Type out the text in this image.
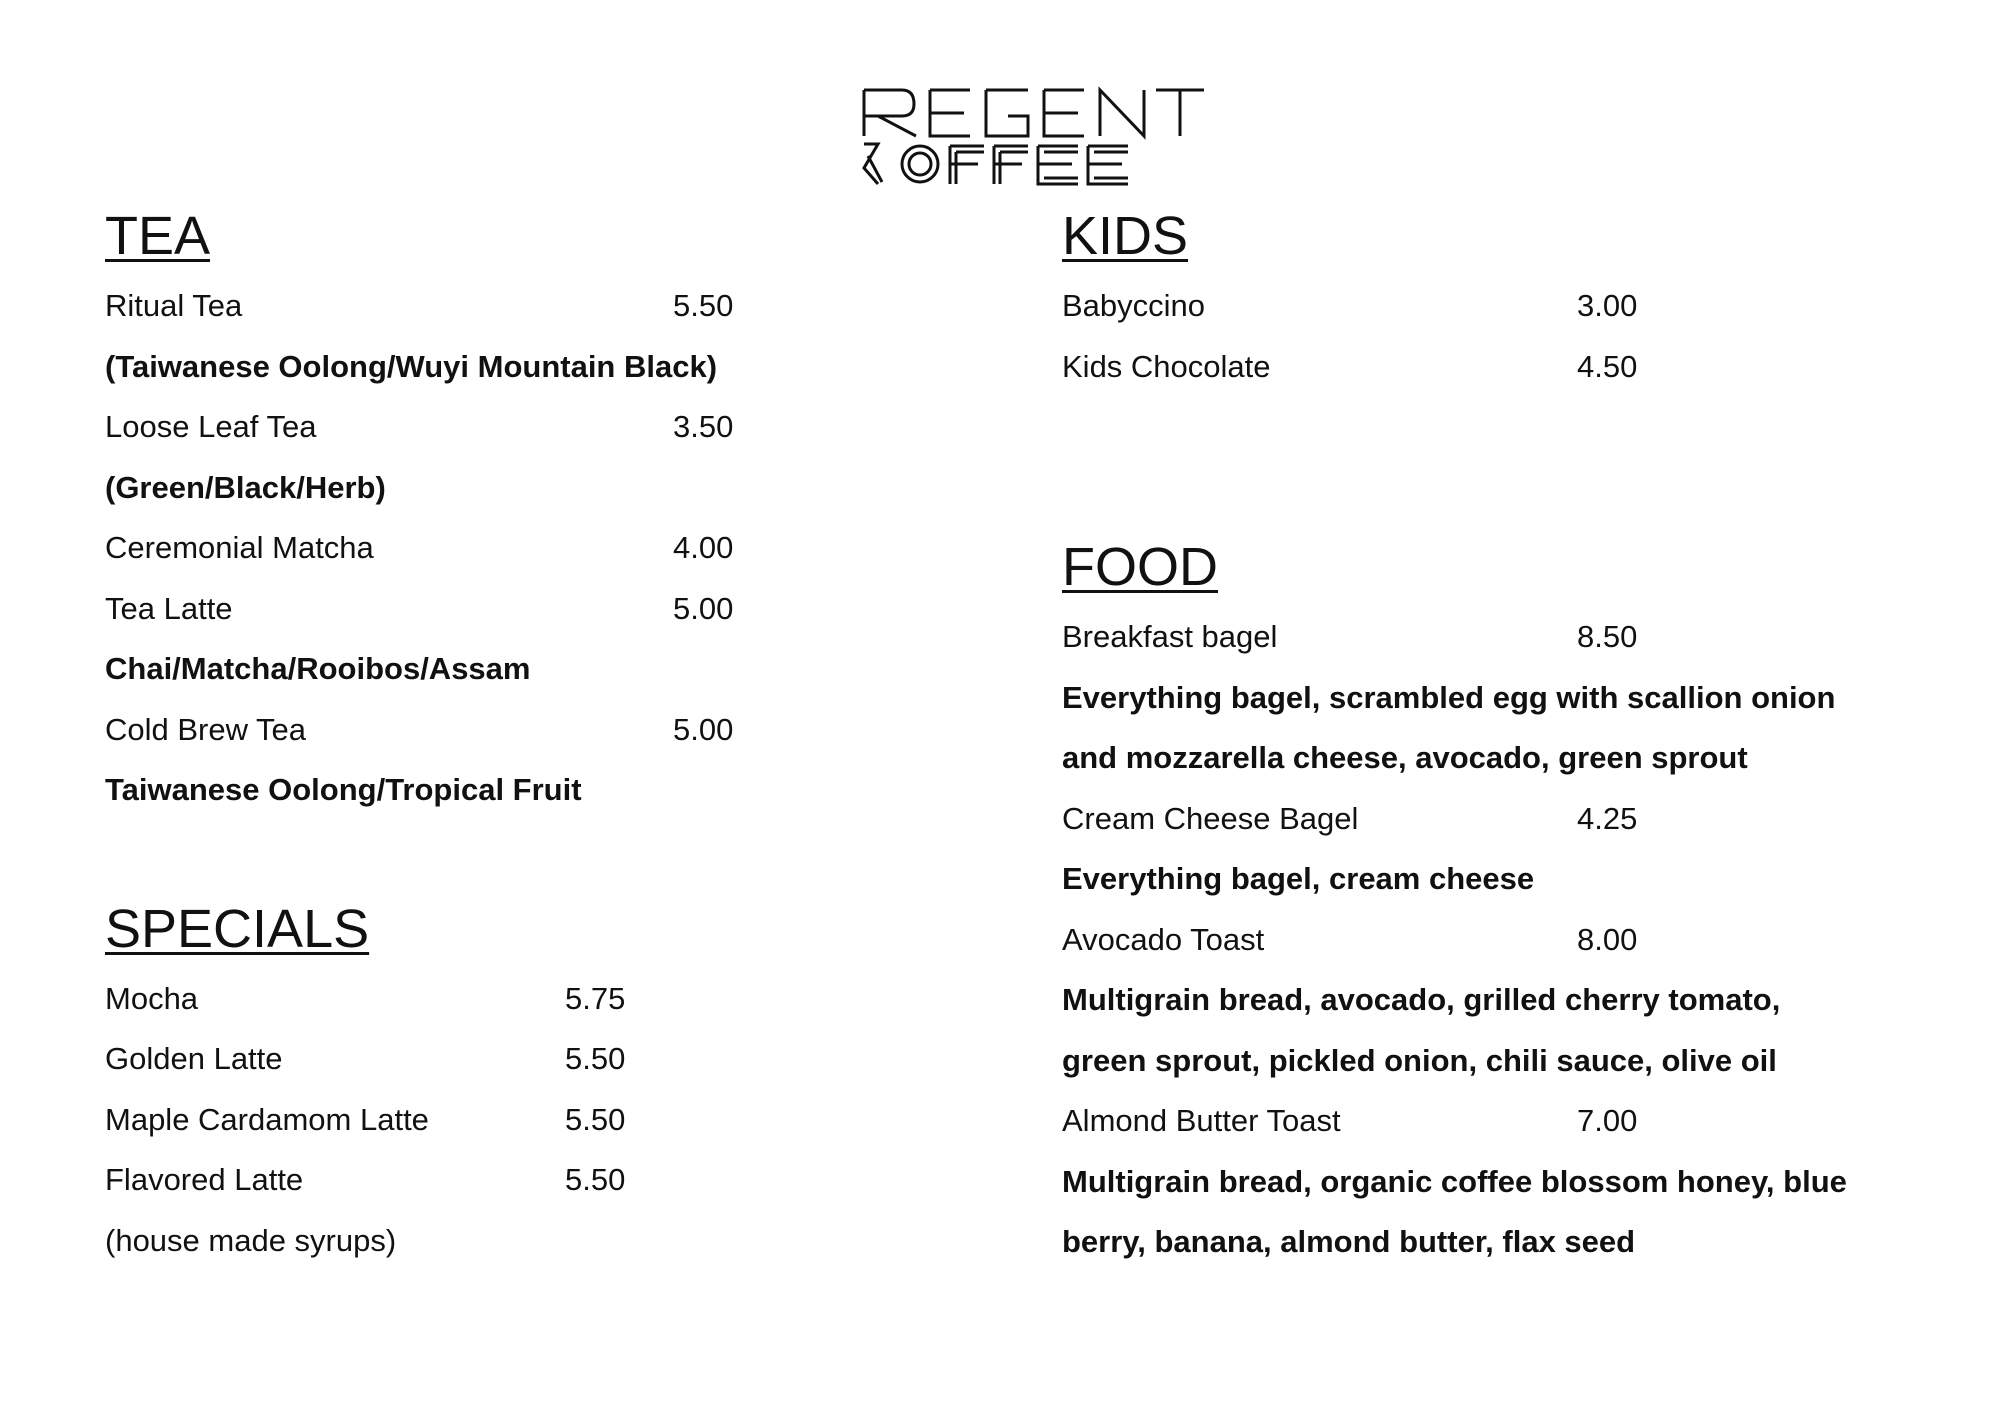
TEA
Ritual Tea	5.50
(Taiwanese Oolong/Wuyi Mountain Black)
Loose Leaf Tea	3.50
(Green/Black/Herb)
Ceremonial Matcha	4.00
Tea Latte	5.00
Chai/Matcha/Rooibos/Assam
Cold Brew Tea	5.00
Taiwanese Oolong/Tropical Fruit
SPECIALS
Mocha	5.75
Golden Latte	5.50
Maple Cardamom Latte	5.50
Flavored Latte	5.50
(house made syrups)
KIDS
Babyccino	3.00
Kids Chocolate	4.50
FOOD
Breakfast bagel	8.50
Everything bagel, scrambled egg with scallion onion
and mozzarella cheese, avocado, green sprout
Cream Cheese Bagel	4.25
Everything bagel, cream cheese
Avocado Toast	8.00
Multigrain bread, avocado, grilled cherry tomato,
green sprout, pickled onion, chili sauce, olive oil
Almond Butter Toast	7.00
Multigrain bread, organic coffee blossom honey, blue
berry, banana, almond butter, flax seed
